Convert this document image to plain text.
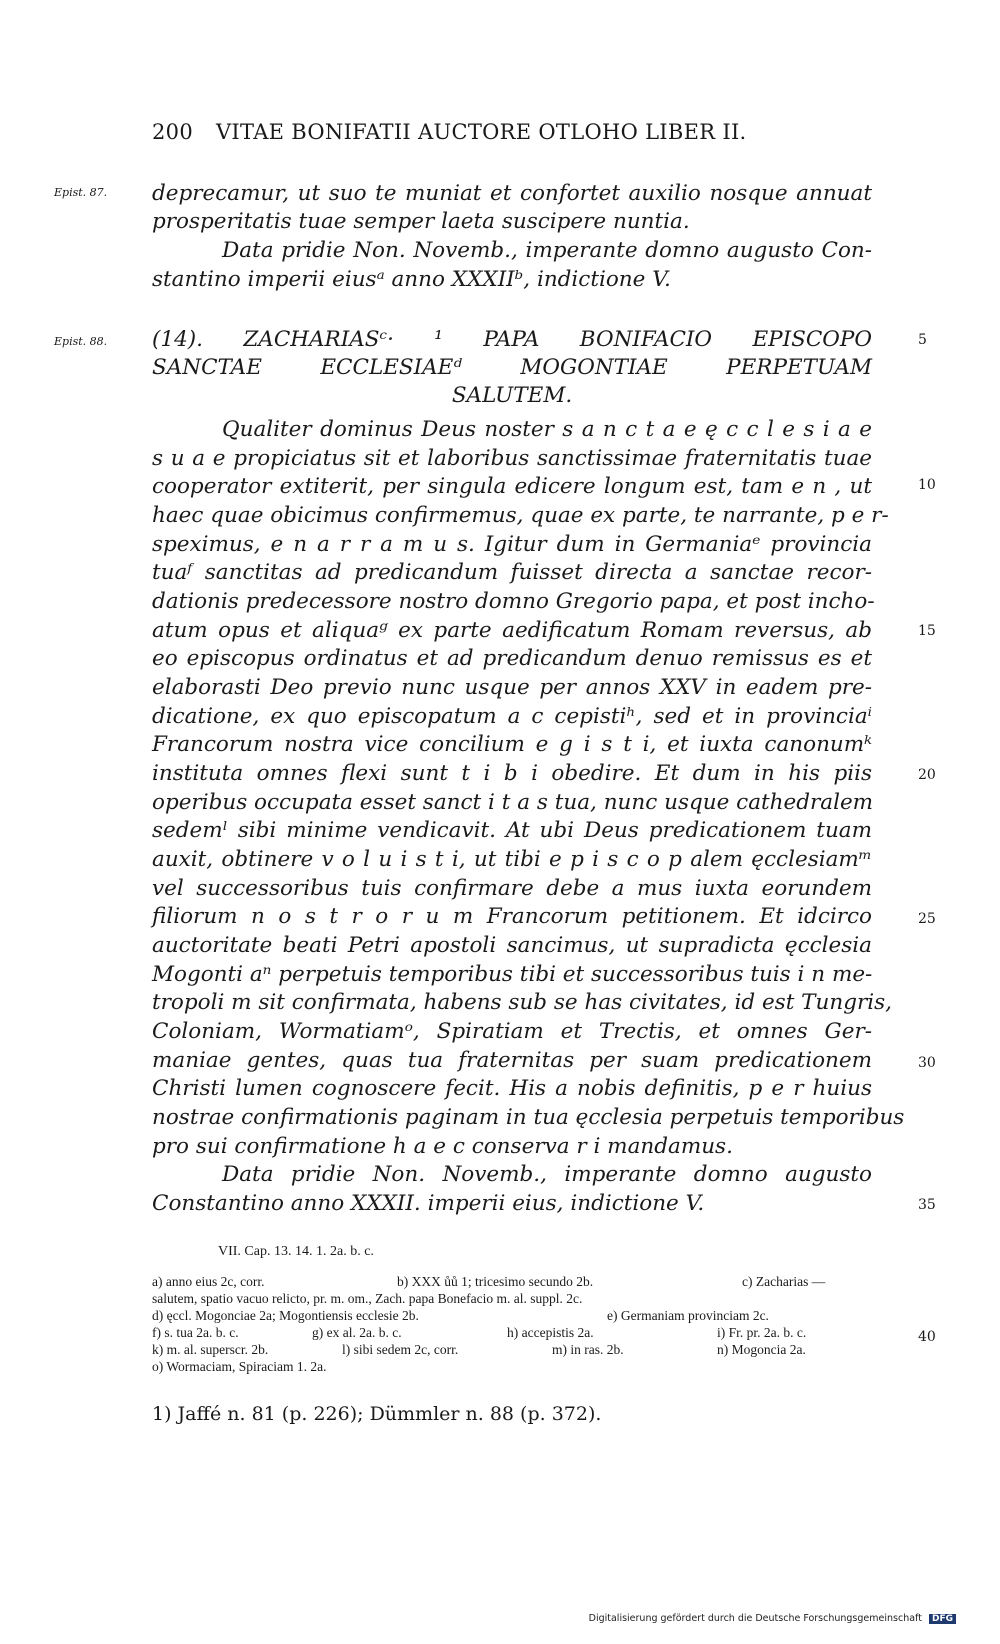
200 VITAE BONIFATII AUCTORE OTLOHO LIBER II.
Epist. 87.
Epist. 88.	5
10
15
20
25
30
35
40
deprecamur, ut suo te muniat et confortet auxilio nosque annuat
prosperitatis tuae semper laeta suscipere nuntia.
Data pridie Non. Novemb., imperante domno augusto Con-
stantino imperii eiusᵃ anno XXXIIᵇ, indictione V.
(14). ZACHARIASᶜ· ¹ PAPA BONIFACIO EPISCOPO
SANCTAE ECCLESIAEᵈ MOGONTIAE PERPETUAM
SALUTEM.
Qualiter dominus Deus noster s a n c t a e ę c c l e s i a e
s u a e propiciatus sit et laboribus sanctissimae fraternitatis tuae
cooperator extiterit, per singula edicere longum est, tam e n , ut
haec quae obicimus confirmemus, quae ex parte, te narrante, p e r-
speximus, e n a r r a m u s. Igitur dum in Germaniaᵉ provincia
tuaᶠ sanctitas ad predicandum fuisset directa a sanctae recor-
dationis predecessore nostro domno Gregorio papa, et post incho-
atum opus et aliquaᵍ ex parte aedificatum Romam reversus, ab
eo episcopus ordinatus et ad predicandum denuo remissus es et
elaborasti Deo previo nunc usque per annos XXV in eadem pre-
dicatione, ex quo episcopatum a c cepistiʰ, sed et in provinciaⁱ
Francorum nostra vice concilium e g i s t i, et iuxta canonumᵏ
instituta omnes flexi sunt t i b i obedire. Et dum in his piis
operibus occupata esset sanct i t a s tua, nunc usque cathedralem
sedemˡ sibi minime vendicavit. At ubi Deus predicationem tuam
auxit, obtinere v o l u i s t i, ut tibi e p i s c o p alem ęcclesiamᵐ
vel successoribus tuis confirmare debe a mus iuxta eorundem
filiorum n o s t r o r u m Francorum petitionem. Et idcirco
auctoritate beati Petri apostoli sancimus, ut supradicta ęcclesia
Mogonti aⁿ perpetuis temporibus tibi et successoribus tuis i n me-
tropoli m sit confirmata, habens sub se has civitates, id est Tungris,
Coloniam, Wormatiamᵒ, Spiratiam et Trectis, et omnes Ger-
maniae gentes, quas tua fraternitas per suam predicationem
Christi lumen cognoscere fecit. His a nobis definitis, p e r huius
nostrae confirmationis paginam in tua ęcclesia perpetuis temporibus
pro sui confirmatione h a e c conserva r i mandamus.
Data pridie Non. Novemb., imperante domno augusto
Constantino anno XXXII. imperii eius, indictione V.
VII. Cap. 13. 14. 1. 2a. b. c.
a) anno eius 2c, corr.	b) XXX ůů 1; tricesimo secundo 2b.	c) Zacharias —
salutem, spatio vacuo relicto, pr. m. om., Zach. papa Bonefacio m. al. suppl. 2c.
d) ęccl. Mogonciae 2a; Mogontiensis ecclesie 2b.	e) Germaniam provinciam 2c.
f) s. tua 2a. b. c.	g) ex al. 2a. b. c.	h) accepistis 2a.	i) Fr. pr. 2a. b. c.
k) m. al. superscr. 2b.	l) sibi sedem 2c, corr.	m) in ras. 2b.	n) Mogoncia 2a.
o) Wormaciam, Spiraciam 1. 2a.
1) Jaffé n. 81 (p. 226); Dümmler n. 88 (p. 372).
Digitalisierung gefördert durch die Deutsche Forschungsgemeinschaft DFG
